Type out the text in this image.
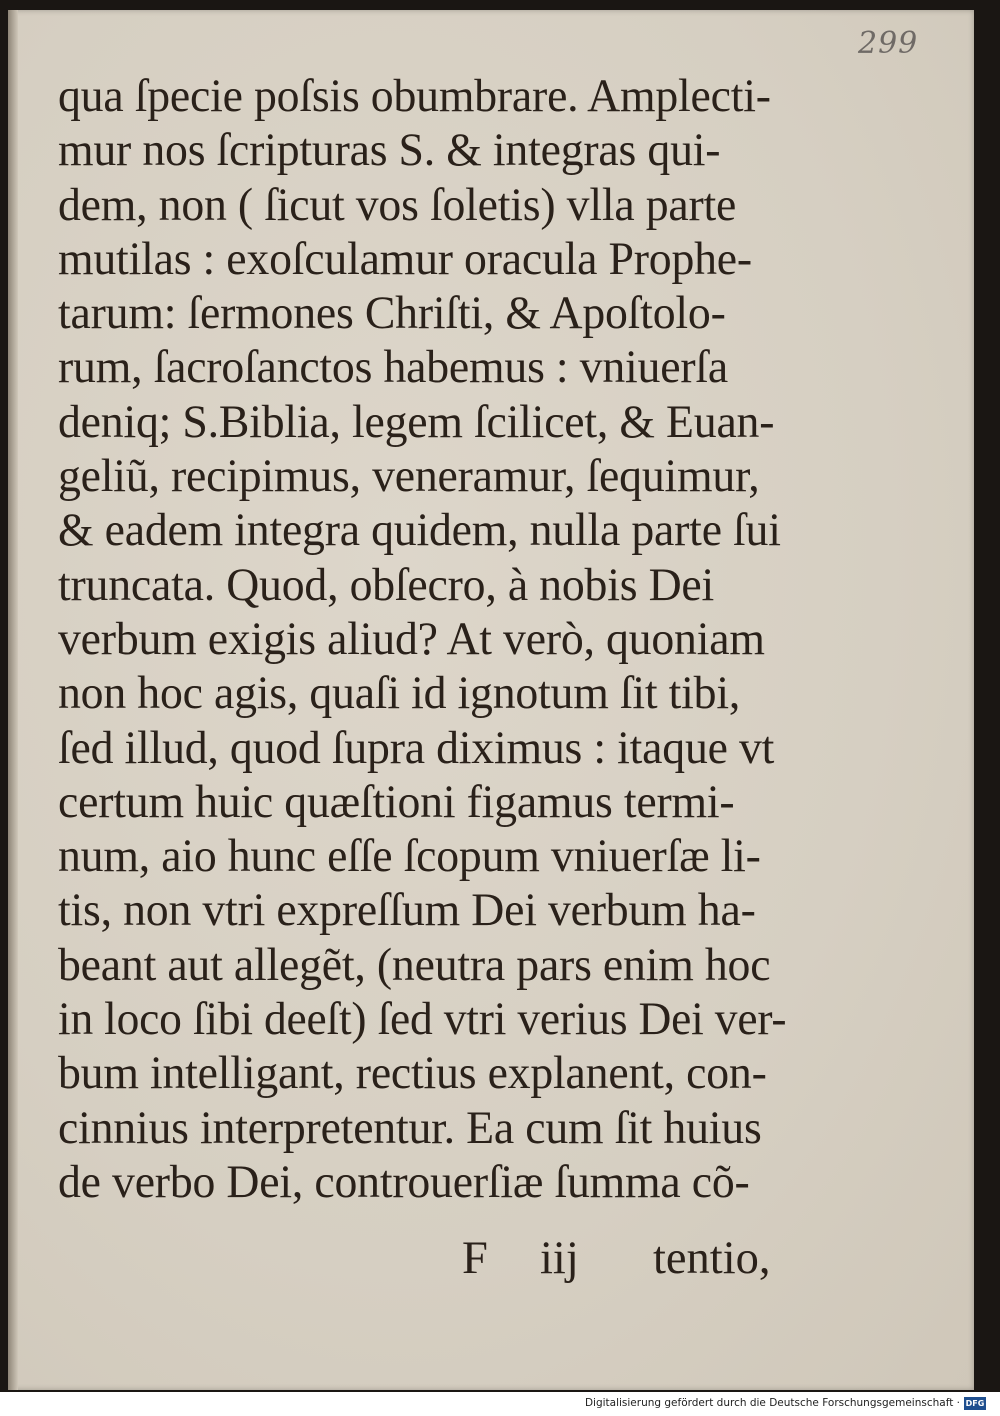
299
qua ſpecie poſsis obumbrare. Amplecti-
mur nos ſcripturas S. & integras qui-
dem, non ( ſicut vos ſoletis) vlla parte
mutilas : exoſculamur oracula Prophe-
tarum: ſermones Chriſti, & Apoſtolo-
rum, ſacroſanctos habemus : vniuerſa
deniq; S.Biblia, legem ſcilicet, & Euan-
geliũ, recipimus, veneramur, ſequimur,
& eadem integra quidem, nulla parte ſui
truncata. Quod, obſecro, à nobis Dei
verbum exigis aliud? At verò, quoniam
non hoc agis, quaſi id ignotum ſit tibi,
ſed illud, quod ſupra diximus : itaque vt
certum huic quæſtioni figamus termi-
num, aio hunc eſſe ſcopum vniuerſæ li-
tis, non vtri expreſſum Dei verbum ha-
beant aut allegẽt, (neutra pars enim hoc
in loco ſibi deeſt) ſed vtri verius Dei ver-
bum intelligant, rectius explanent, con-
cinnius interpretentur. Ea cum ſit huius
de verbo Dei, controuerſiæ ſumma cõ-
F iij tentio,
Digitalisierung gefördert durch die Deutsche Forschungsgemeinschaft · DFG
